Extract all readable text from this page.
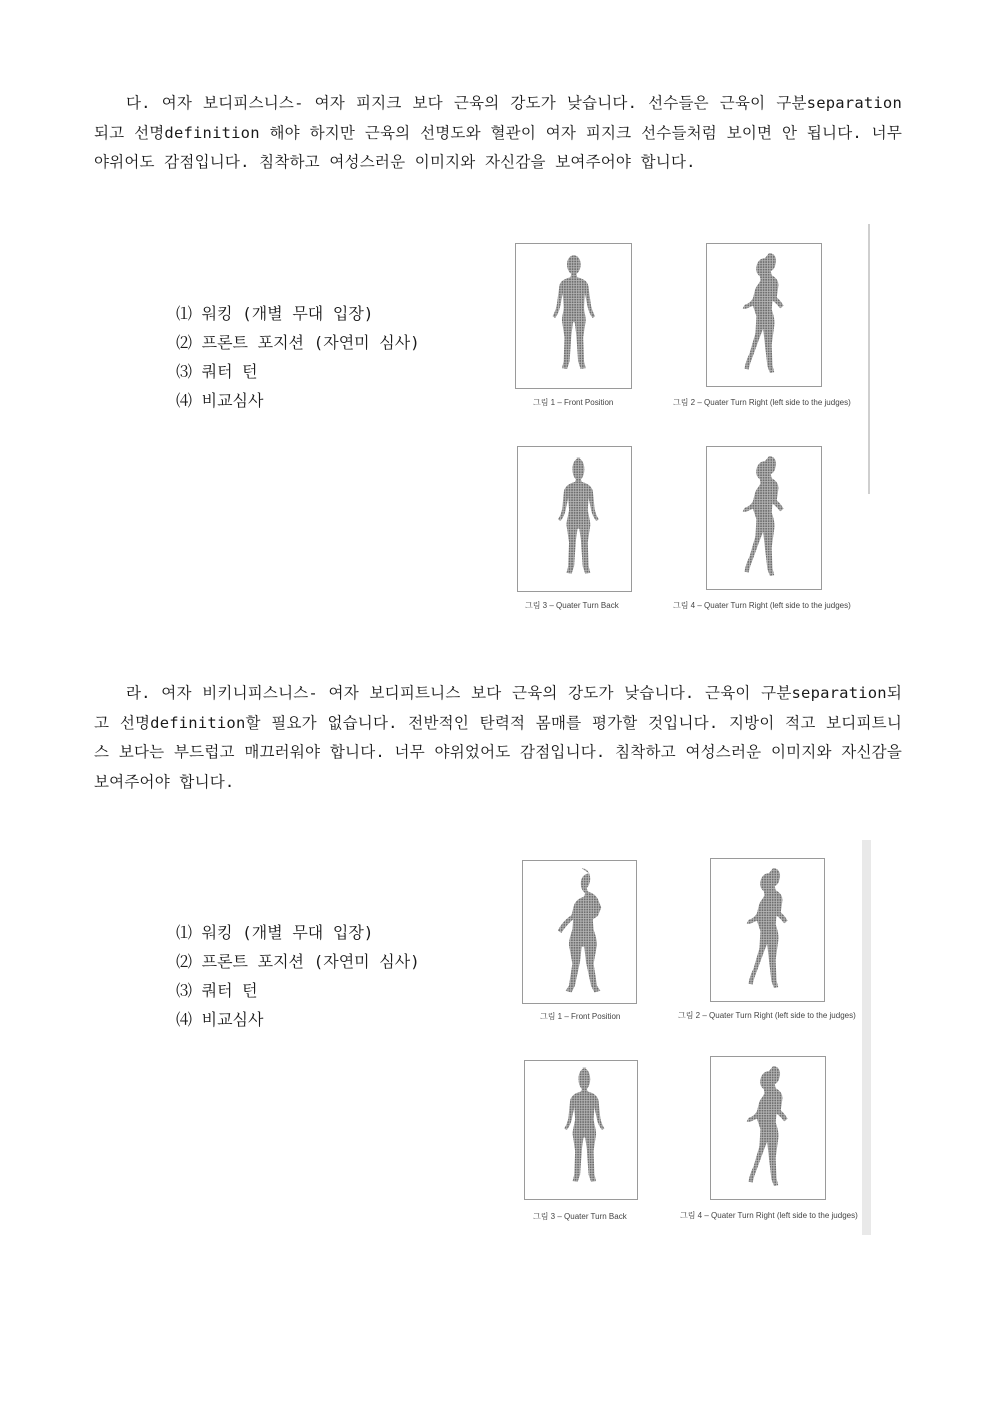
다. 여자 보디피스니스- 여자 피지크 보다 근육의 강도가 낮습니다. 선수들은 근육이 구분separation 되고 선명definition 해야 하지만 근육의 선명도와 혈관이 여자 피지크 선수들처럼 보이면 안 됩니다. 너무 야위어도 감점입니다. 침착하고 여성스러운 이미지와 자신감을 보여주어야 합니다.

⑴ 워킹 (개별 무대 입장)
⑵ 프론트 포지션 (자연미 심사)
⑶ 쿼터 턴
⑷ 비교심사	그림 1 – Front Position	그림 2 – Quater Turn Right (left side to the judges)
그림 3 – Quater Turn Back	그림 4 – Quater Turn Right (left side to the judges)

라. 여자 비키니피스니스- 여자 보디피트니스 보다 근육의 강도가 낮습니다. 근육이 구분separation되고 선명definition할 필요가 없습니다. 전반적인 탄력적 몸매를 평가할 것입니다. 지방이 적고 보디피트니스 보다는 부드럽고 매끄러워야 합니다. 너무 야위었어도 감점입니다. 침착하고 여성스러운 이미지와 자신감을 보여주어야 합니다.

⑴ 워킹 (개별 무대 입장)
⑵ 프론트 포지션 (자연미 심사)
⑶ 쿼터 턴
⑷ 비교심사	그림 1 – Front Position	그림 2 – Quater Turn Right (left side to the judges)
그림 3 – Quater Turn Back	그림 4 – Quater Turn Right (left side to the judges)
